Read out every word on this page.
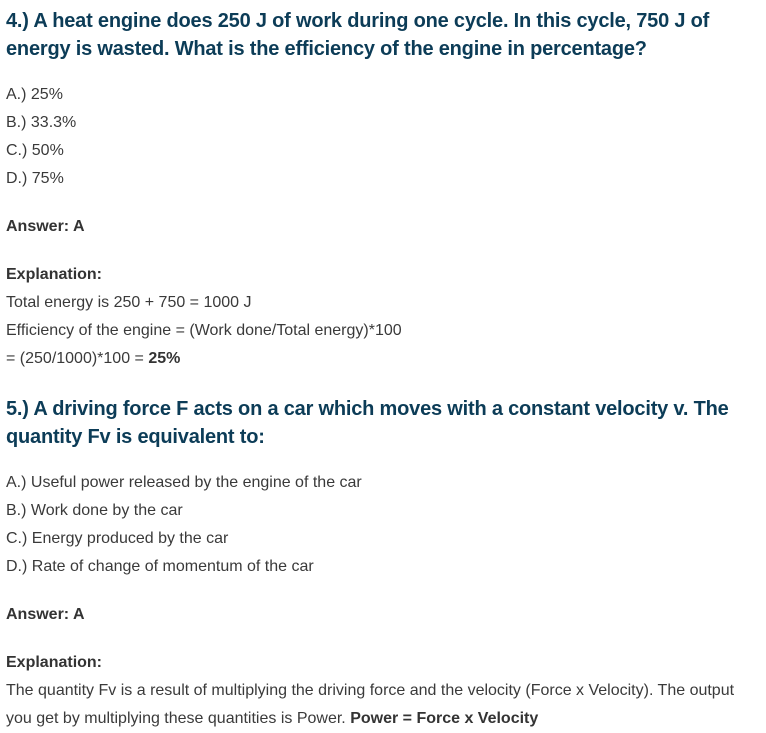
4.) A heat engine does 250 J of work during one cycle. In this cycle, 750 J of energy is wasted. What is the efficiency of the engine in percentage?
A.) 25%
B.) 33.3%
C.) 50%
D.) 75%
Answer: A
Explanation:
Total energy is 250 + 750 = 1000 J
Efficiency of the engine = (Work done/Total energy)*100
= (250/1000)*100 = 25%
5.) A driving force F acts on a car which moves with a constant velocity v. The quantity Fv is equivalent to:
A.) Useful power released by the engine of the car
B.) Work done by the car
C.) Energy produced by the car
D.) Rate of change of momentum of the car
Answer: A
Explanation:
The quantity Fv is a result of multiplying the driving force and the velocity (Force x Velocity). The output you get by multiplying these quantities is Power. Power = Force x Velocity
